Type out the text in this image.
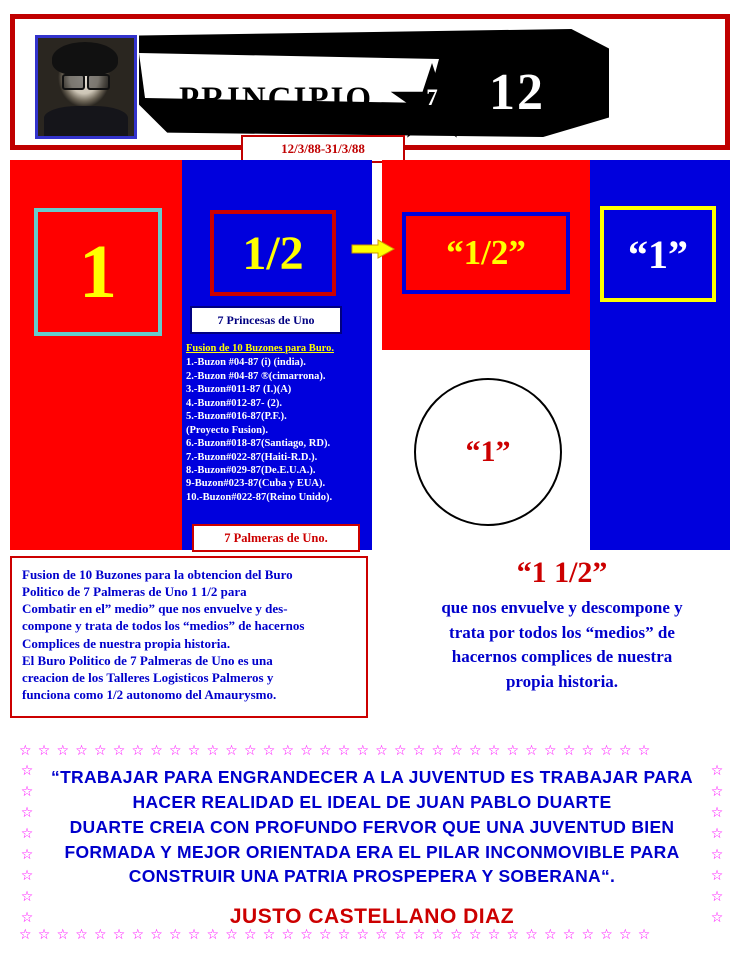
PRINCIPIO	7 12
12/3/88-31/3/88
1	1/2
7 Princesas de Uno
Fusion de 10 Buzones para Buro.
1.-Buzon #04-87 (i) (india).
2.-Buzon #04-87 ®(cimarrona).
3.-Buzon#011-87 (I.)(A)
4.-Buzon#012-87- (2).
5.-Buzon#016-87(P.F.).
(Proyecto Fusion).
6.-Buzon#018-87(Santiago, RD).
7.-Buzon#022-87(Haiti-R.D.).
8.-Buzon#029-87(De.E.U.A.).
9-Buzon#023-87(Cuba y EUA).
10.-Buzon#022-87(Reino Unido).
7 Palmeras de Uno.
“1/2”	“1”
“1”
Fusion de 10 Buzones para la obtencion del Buro
Politico de 7 Palmeras de Uno 1 1/2 para
Combatir en el” medio” que nos envuelve y des-
compone y trata de todos los “medios” de hacernos
Complices de nuestra propia historia.
El Buro Politico de 7 Palmeras de Uno es una
creacion de los Talleres Logisticos Palmeros y
funciona como 1/2 autonomo del Amaurysmo.
“1 1/2”
que nos envuelve y descompone y
trata por todos los “medios” de
hacernos complices de nuestra
propia historia.
☆☆☆☆☆☆☆☆☆☆☆☆☆☆☆☆☆☆☆☆☆☆☆☆☆☆☆☆☆☆☆☆☆☆
☆☆☆☆☆☆☆☆☆☆☆☆☆☆☆☆☆☆☆☆☆☆☆☆☆☆☆☆☆☆☆☆☆☆
☆
☆
☆
☆
☆
☆
☆
☆

☆
☆
☆
☆
☆
☆
☆
☆

“TRABAJAR PARA ENGRANDECER A LA JUVENTUD ES TRABAJAR PARA
HACER REALIDAD EL IDEAL DE JUAN PABLO DUARTE
DUARTE CREIA CON PROFUNDO FERVOR QUE UNA JUVENTUD BIEN
FORMADA Y MEJOR ORIENTADA ERA EL PILAR INCONMOVIBLE PARA
CONSTRUIR UNA PATRIA PROSPEPERA Y SOBERANA“.
JUSTO CASTELLANO DIAZ
